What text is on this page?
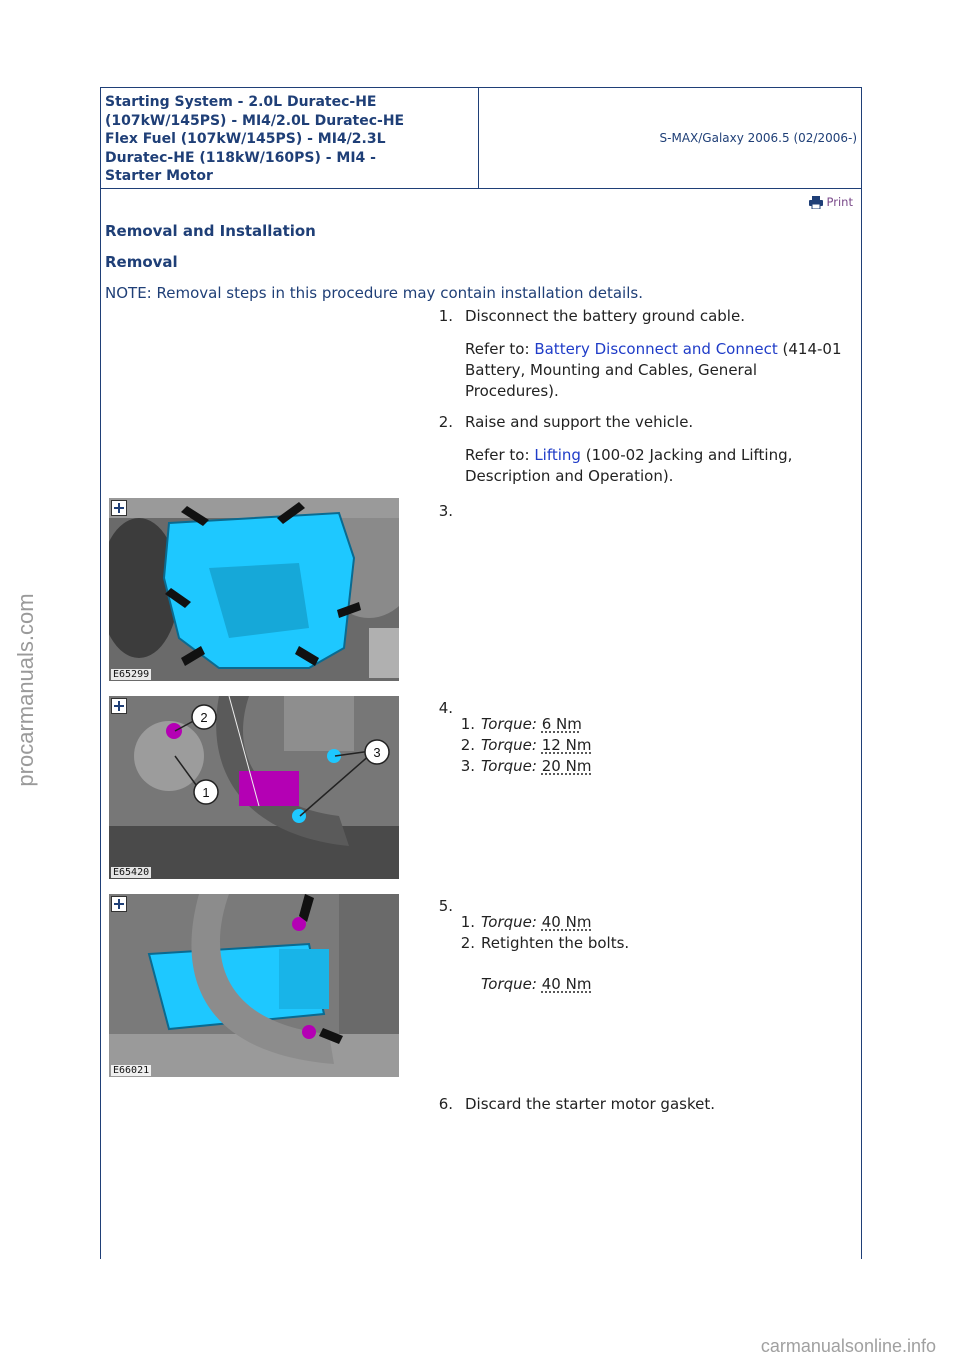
procarmanuals.com
Starting System - 2.0L Duratec-HE
(107kW/145PS) - MI4/2.0L Duratec-HE
Flex Fuel (107kW/145PS) - MI4/2.3L
Duratec-HE (118kW/160PS) - MI4 -
Starter Motor
S-MAX/Galaxy 2006.5 (02/2006-)
Print
Removal and Installation
Removal
NOTE: Removal steps in this procedure may contain installation details.
1. Disconnect the battery ground cable.
Refer to: Battery Disconnect and Connect (414-01 Battery, Mounting and Cables, General Procedures).
2. Raise and support the vehicle.
Refer to: Lifting (100-02 Jacking and Lifting, Description and Operation).
E65299
3.
2
3
1
E65420
4.
1. Torque: 6 Nm
2. Torque: 12 Nm
3. Torque: 20 Nm
E66021
5.
1. Torque: 40 Nm
2. Retighten the bolts.
Torque: 40 Nm
6. Discard the starter motor gasket.
carmanualsonline.info
